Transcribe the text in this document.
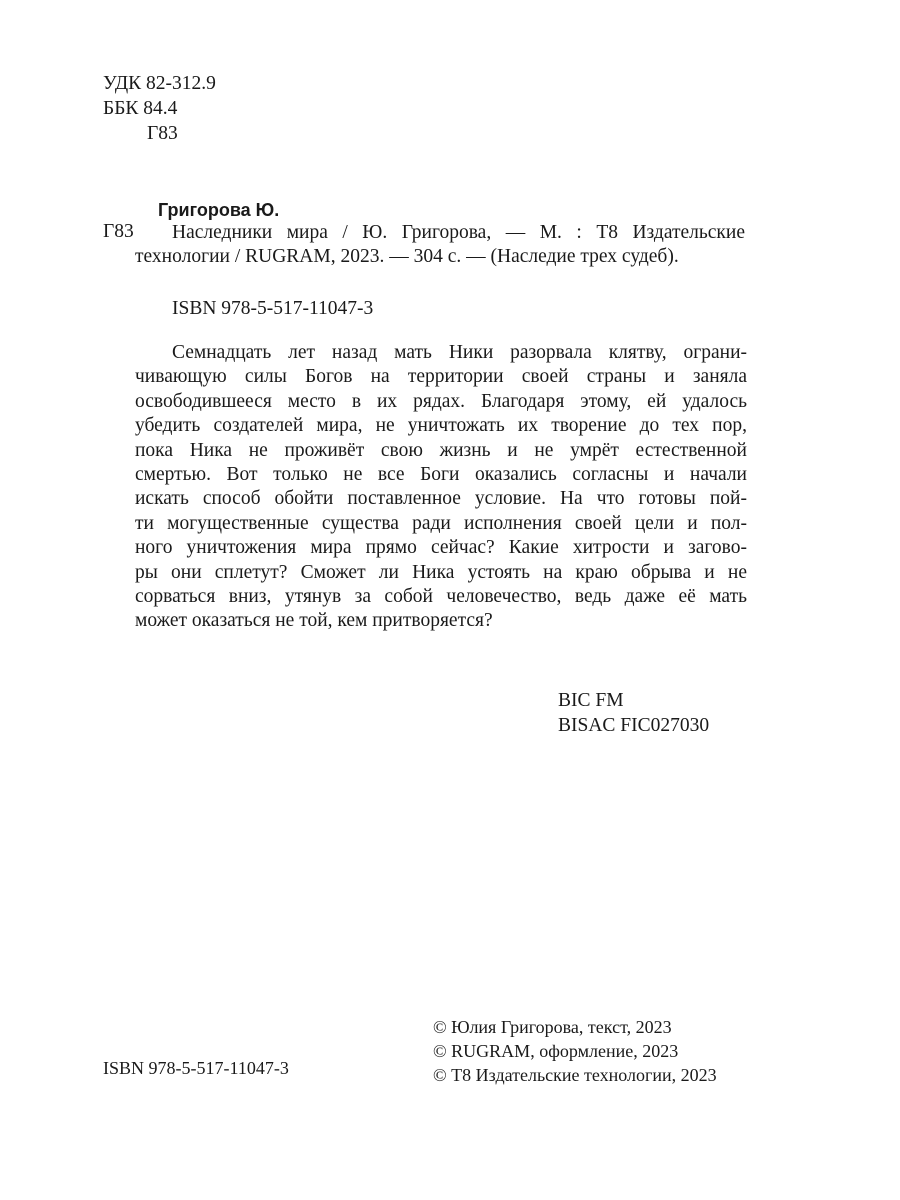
УДК 82-312.9
ББК 84.4
Г83
Григорова Ю.
Г83 Наследники мира / Ю. Григорова, — М. : Т8 Издательские
технологии / RUGRAM, 2023. — 304 с. — (Наследие трех судеб).
ISBN 978-5-517-11047-3
Семнадцать лет назад мать Ники разорвала клятву, ограни-
чивающую силы Богов на территории своей страны и заняла
освободившееся место в их рядах. Благодаря этому, ей удалось
убедить создателей мира, не уничтожать их творение до тех пор,
пока Ника не проживёт свою жизнь и не умрёт естественной
смертью. Вот только не все Боги оказались согласны и начали
искать способ обойти поставленное условие. На что готовы пой-
ти могущественные существа ради исполнения своей цели и пол-
ного уничтожения мира прямо сейчас? Какие хитрости и загово-
ры они сплетут? Сможет ли Ника устоять на краю обрыва и не
сорваться вниз, утянув за собой человечество, ведь даже её мать
может оказаться не той, кем притворяется?
BIC FM
BISAC FIC027030
© Юлия Григорова, текст, 2023
© RUGRAM, оформление, 2023
© Т8 Издательские технологии, 2023
ISBN 978-5-517-11047-3
